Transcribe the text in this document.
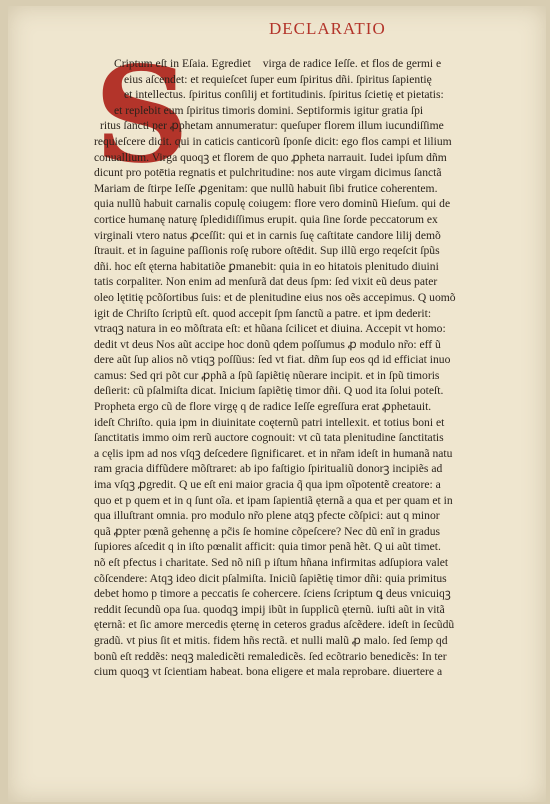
DECLARATIO
S
Criptum eſt in Eſaia. Egredietᷣ virga de radice Ieſſe. et flos de germi e
eius aſcendet: et requieſcet ſuper eum ſpiritus dñi. ſpiritus ſapientię
et intellectus. ſpiritus conſilij et fortitudinis. ſpiritus ſcietię et pietatis:
et replebit eum ſpiritus timoris domini. Septiformis igitur gratia ſpi
ritus ſancti per ꝓphetam annumeratur: queſuper florem illum iucundiſſime
requieſcere dicit. qui in caticis canticorũ ſponſe dicit: ego flos campi et lilium
conuallium. Virga quoqꝫ et florem de quo ꝓpheta narrauit. Iudei ipſum dñm
dicunt pro potētia regnatis et pulchritudine: nos aute virgam dicimus ſanctã
Mariam de ſtirpe Ieſſe ꝓgenitam: que nullũ habuit ſibi frutice coherentem.
quia nullũ habuit carnalis copulę coiugem: flore vero dominũ Hieſum. qui de
cortice humanę naturę ſpledidiſſimus erupit. quia ſine ſorde peccatorum ex
virginali vtero natus ꝓceſſit: qui et in carnis ſuę caſtitate candore lilij demõ
ſtrauit. et in ſaguine paſſionis roſę rubore oſtēdit. Sup illũ ergo reqeſcit ſpũs
dñi. hoc eſt ęterna habitatiõe ꝑmanebit: quia in eo hitatois plenitudo diuini
tatis corpaliter. Non enim ad menſurã dat deus ſpm: ſed vixit eũ deus pater
oleo lętitię pcõſortibus ſuis: et de plenitudine eius nos oẽs accepimus. Q uomõ
igit de Chriſto ſcriptũ eſt. quod accepit ſpm ſanctũ a patre. et ipm dederit:
vtraqꝫ natura in eo mõſtrata eſt: et hũana ſcilicet et diuina. Accepit vt homo:
dedit vt deus Nos aũt accipe hoc donũ qdem poſſumus ꝓ modulo nr̃o: eff ũ
dere aũt ſup alios nõ vtiqꝫ poſſũus: ſed vt fiat. dñm ſup eos qd id efficiat inuo
camus: Sed qri põt cur ꝓphã a ſpũ ſapiẽtię nũerare incipit. et in ſpũ timoris
deſierit: cũ pſalmiſta dicat. Inicium ſapiẽtię timor dñi. Q uod ita ſolui poteſt.
Propheta ergo cũ de flore virgę q de radice Ieſſe egreſſura erat ꝓphetauit.
ideſt Chriſto. quia ipm in diuinitate coęternũ patri intellexit. et totius boni et
ſanctitatis immo oim rerũ auctore cognouit: vt cũ tata plenitudine ſanctitatis
a cęlis ipm ad nos vſqꝫ deſcedere ſignificaret. et in nr̃am ideſt in humanã natu
ram gracia diffũdere mõſtraret: ab ipo faſtigio ſpiritualiũ donorꝫ incipiẽs ad
ima vſqꝫ ꝓgredit. Q ue eſt eni maior gracia q̃ qua ipm oĩpotentẽ creatore: a
quo et p quem et in q ſunt oĩa. et ipam ſapientiã ęternã a qua et per quam et in
qua illuſtrant omnia. pro modulo nr̃o plene atqꝫ pfecte cõſpici: aut q minor
quã ꝓpter pœnã gehennę a pc̃is ſe homine cõpeſcere? Nec dũ enĩ in gradus
ſupiores aſcedit q in iſto pœnalit afficit: quia timor penã hẽt. Q ui aũt timet.
nõ eſt pfectus i charitate. Sed nõ niſi p iſtum hñana infirmitas adſupiora valet
cõſcendere: Atqꝫ ideo dicit pſalmiſta. Iniciũ ſapiẽtię timor dñi: quia primitus
debet homo p timore a peccatis ſe cohercere. ſciens ſcriptum ꝗ deus vnicuiqꝫ
reddit ſecundũ opa ſua. quodqꝫ impij ibũt in ſupplicũ ęternũ. iuſti aũt in vitã
ęternã: et ſic amore mercedis ęternę in ceteros gradus aſcẽdere. ideſt in ſecũdũ
gradũ. vt pius ſit et mitis. fidem hñs rectã. et nulli malũ ꝓ malo. ſed ſemp qd
bonũ eſt reddẽs: neqꝫ maledicẽti remaledicẽs. ſed ecõtrario benedicẽs: In ter
cium quoqꝫ vt ſcientiam habeat. bona eligere et mala reprobare. diuertere a
